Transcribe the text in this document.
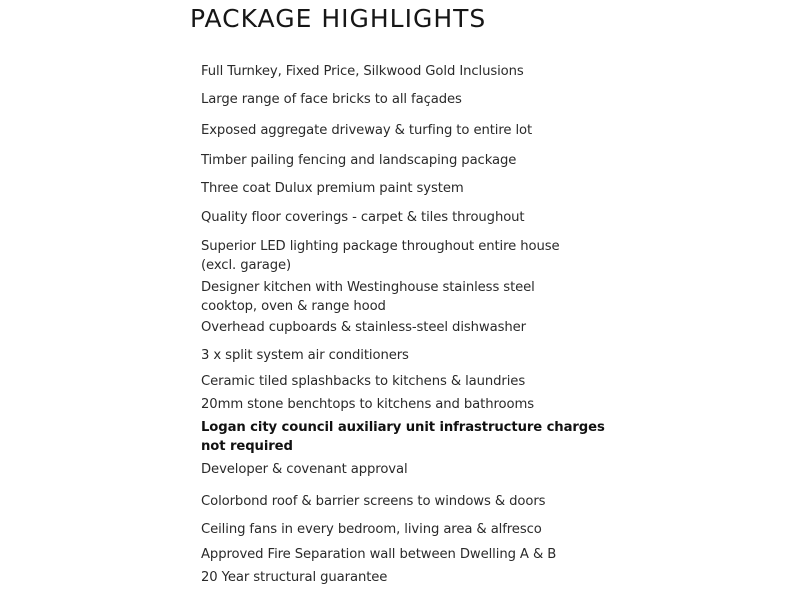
PACKAGE HIGHLIGHTS
Full Turnkey, Fixed Price, Silkwood Gold Inclusions
Large range of face bricks to all façades
Exposed aggregate driveway & turfing to entire lot
Timber pailing fencing and landscaping package
Three coat Dulux premium paint system
Quality floor coverings - carpet & tiles throughout
Superior LED lighting package throughout entire house
(excl. garage)
Designer kitchen with Westinghouse stainless steel
cooktop, oven & range hood
Overhead cupboards & stainless-steel dishwasher
3 x split system air conditioners
Ceramic tiled splashbacks to kitchens & laundries
20mm stone benchtops to kitchens and bathrooms
Logan city council auxiliary unit infrastructure charges
not required
Developer & covenant approval
Colorbond roof & barrier screens to windows & doors
Ceiling fans in every bedroom, living area & alfresco
Approved Fire Separation wall between Dwelling A & B
20 Year structural guarantee
